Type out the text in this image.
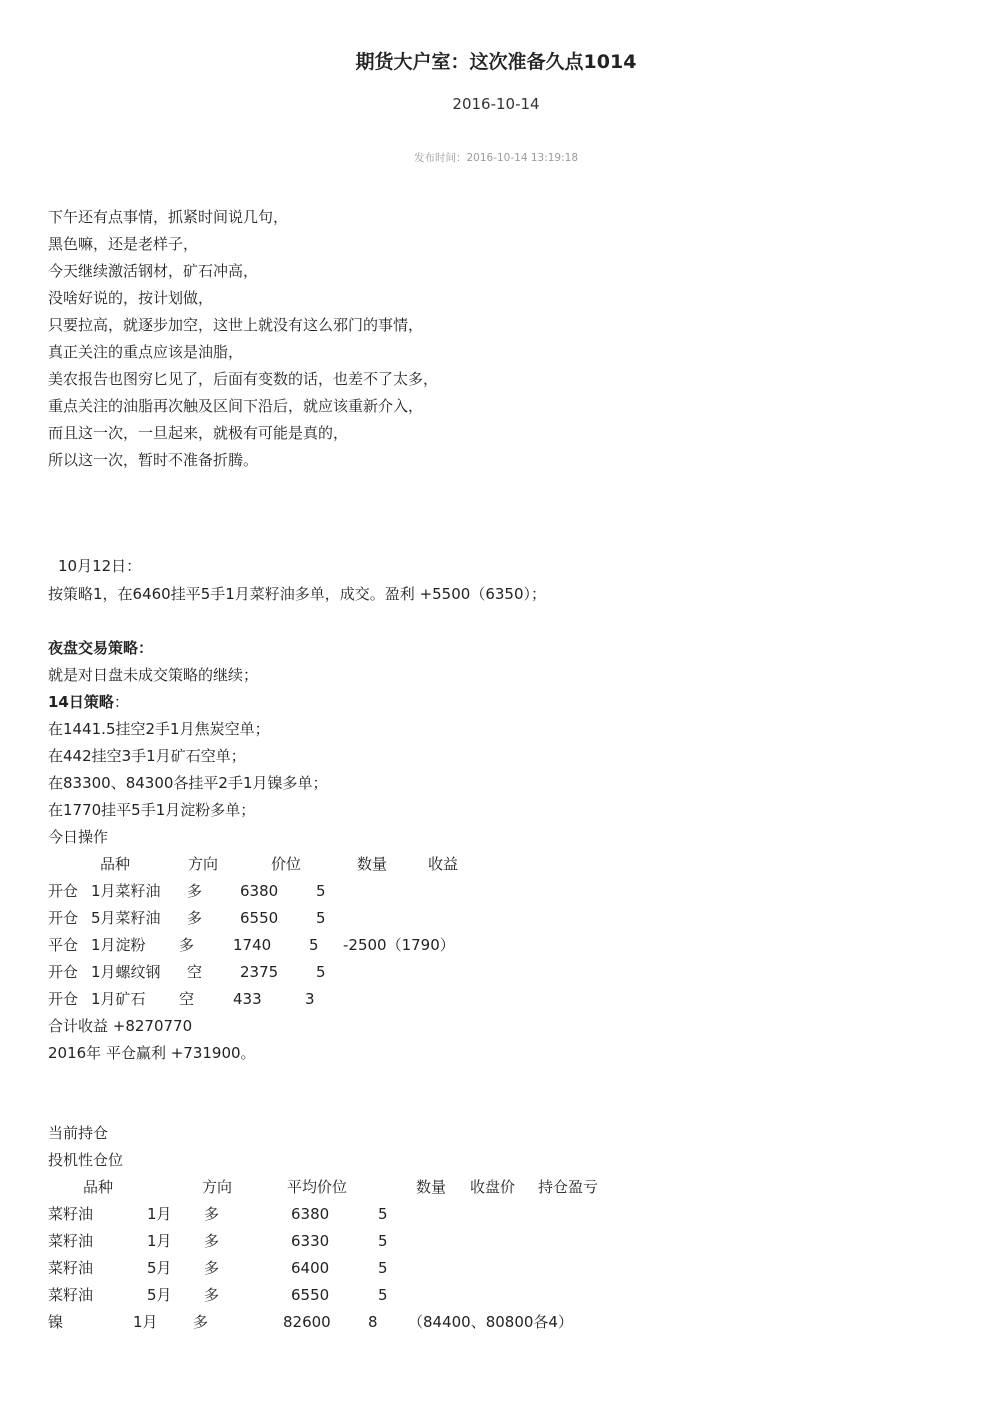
期货大户室：这次准备久点1014
2016-10-14
发布时间：2016-10-14 13:19:18
下午还有点事情，抓紧时间说几句，
黑色嘛，还是老样子，
今天继续激活钢材，矿石冲高，
没啥好说的，按计划做，
只要拉高，就逐步加空，这世上就没有这么邪门的事情，
真正关注的重点应该是油脂，
美农报告也图穷匕见了，后面有变数的话，也差不了太多，
重点关注的油脂再次触及区间下沿后，就应该重新介入，
而且这一次，一旦起来，就极有可能是真的，
所以这一次，暂时不准备折腾。
10月12日：
按策略1，在6460挂平5手1月菜籽油多单，成交。盈利 +5500（6350）；
夜盘交易策略：
就是对日盘未成交策略的继续；
14日策略：
在1441.5挂空2手1月焦炭空单；
在442挂空3手1月矿石空单；
在83300、84300各挂平2手1月镍多单；
在1770挂平5手1月淀粉多单；
今日操作
品种	方向	价位	数量	收益
开仓 1月菜籽油 多	6380	5
开仓 5月菜籽油 多	6550	5
平仓 1月淀粉 多	1740	5 -2500（1790）
开仓 1月螺纹钢 空	2375	5
开仓 1月矿石 空	433	3
合计收益 +8270770
2016年 平仓赢利 +731900。
当前持仓
投机性仓位
品种	方向	平均价位	数量 收盘价 持仓盈亏
菜籽油	1月 多	6380	5
菜籽油	1月 多	6330	5
菜籽油	5月 多	6400	5
菜籽油	5月 多	6550	5
镍	1月 多	82600 8 （84400、80800各4）
